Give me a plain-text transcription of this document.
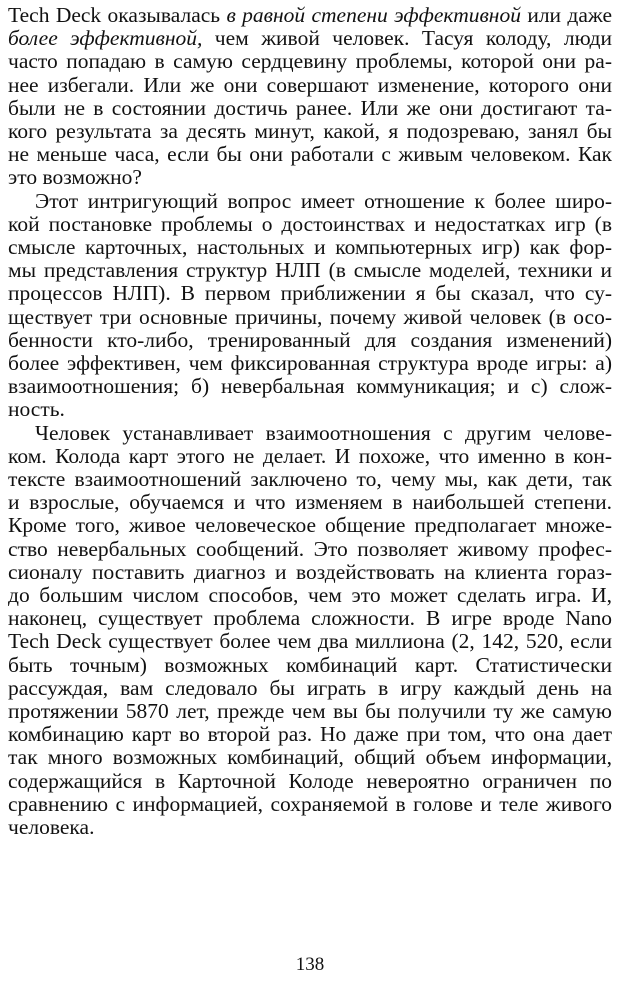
Tech Deck оказывалась в равной степени эффективной или даже
более эффективной, чем живой человек. Тасуя колоду, люди
часто попадаю в самую сердцевину проблемы, которой они ра-
нее избегали. Или же они совершают изменение, которого они
были не в состоянии достичь ранее. Или же они достигают та-
кого результата за десять минут, какой, я подозреваю, занял бы
не меньше часа, если бы они работали с живым человеком. Как
это возможно?
Этот интригующий вопрос имеет отношение к более широ-
кой постановке проблемы о достоинствах и недостатках игр (в
смысле карточных, настольных и компьютерных игр) как фор-
мы представления структур НЛП (в смысле моделей, техники и
процессов НЛП). В первом приближении я бы сказал, что су-
ществует три основные причины, почему живой человек (в осо-
бенности кто-либо, тренированный для создания изменений)
более эффективен, чем фиксированная структура вроде игры: а)
взаимоотношения; б) невербальная коммуникация; и с) слож-
ность.
Человек устанавливает взаимоотношения с другим челове-
ком. Колода карт этого не делает. И похоже, что именно в кон-
тексте взаимоотношений заключено то, чему мы, как дети, так
и взрослые, обучаемся и что изменяем в наибольшей степени.
Кроме того, живое человеческое общение предполагает множе-
ство невербальных сообщений. Это позволяет живому профес-
сионалу поставить диагноз и воздействовать на клиента гораз-
до большим числом способов, чем это может сделать игра. И,
наконец, существует проблема сложности. В игре вроде Nano
Tech Deck существует более чем два миллиона (2, 142, 520, если
быть точным) возможных комбинаций карт. Статистически
рассуждая, вам следовало бы играть в игру каждый день на
протяжении 5870 лет, прежде чем вы бы получили ту же самую
комбинацию карт во второй раз. Но даже при том, что она дает
так много возможных комбинаций, общий объем информации,
содержащийся в Карточной Колоде невероятно ограничен по
сравнению с информацией, сохраняемой в голове и теле живого
человека.
138
